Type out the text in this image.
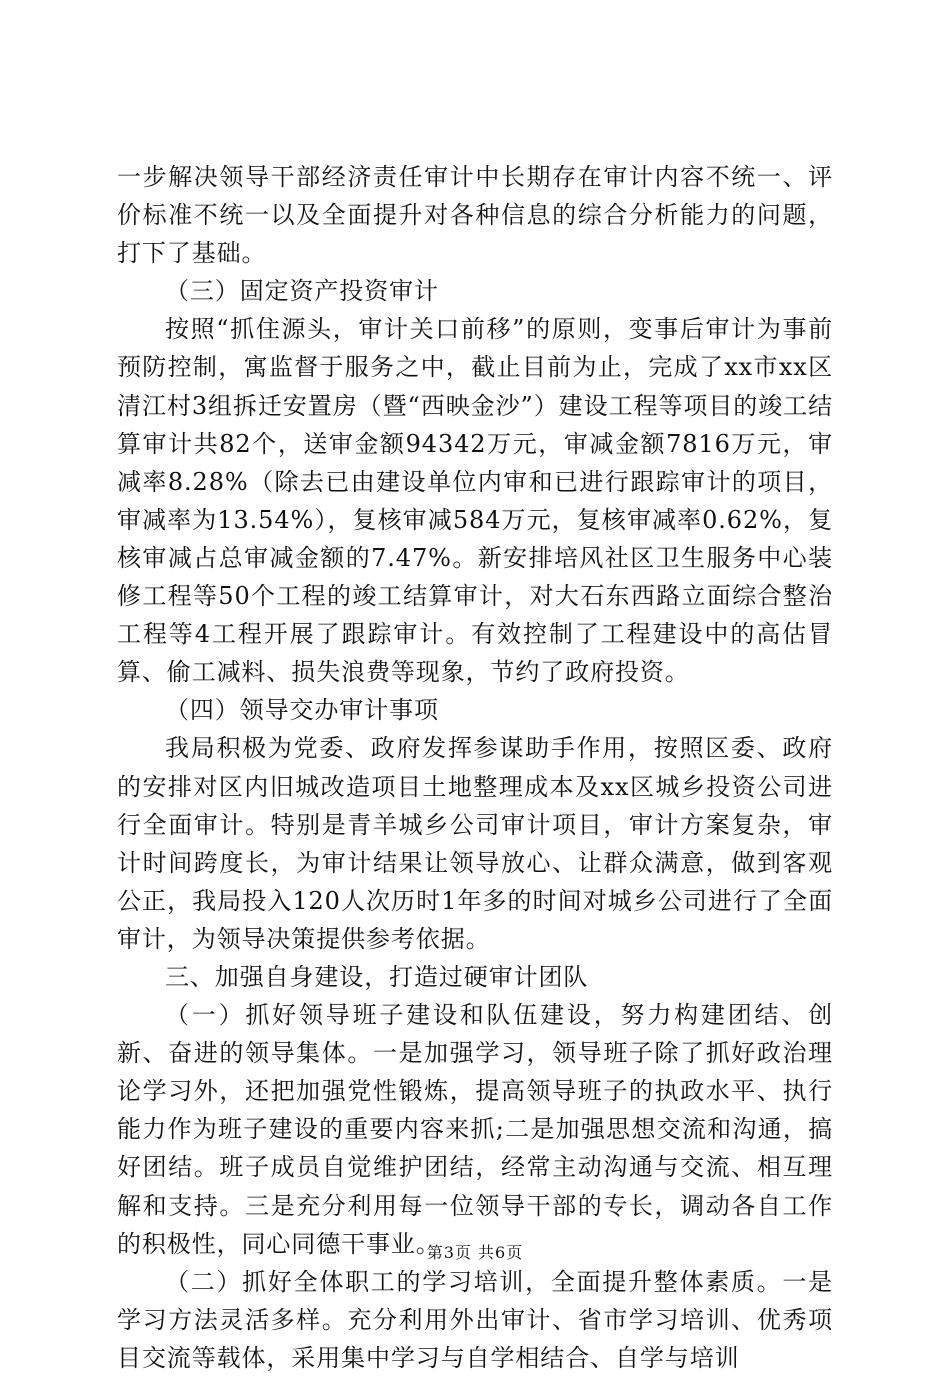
一步解决领导干部经济责任审计中长期存在审计内容不统一、评价标准不统一以及全面提升对各种信息的综合分析能力的问题，打下了基础。

（三）固定资产投资审计

按照“抓住源头，审计关口前移”的原则，变事后审计为事前预防控制，寓监督于服务之中，截止目前为止，完成了xx市xx区清江村3组拆迁安置房（暨“西映金沙”）建设工程等项目的竣工结算审计共82个，送审金额94342万元，审减金额7816万元，审减率8.28%（除去已由建设单位内审和已进行跟踪审计的项目，审减率为13.54%），复核审减584万元，复核审减率0.62%，复核审减占总审减金额的7.47%。新安排培风社区卫生服务中心装修工程等50个工程的竣工结算审计，对大石东西路立面综合整治工程等4工程开展了跟踪审计。有效控制了工程建设中的高估冒算、偷工减料、损失浪费等现象，节约了政府投资。

（四）领导交办审计事项

我局积极为党委、政府发挥参谋助手作用，按照区委、政府的安排对区内旧城改造项目土地整理成本及xx区城乡投资公司进行全面审计。特别是青羊城乡公司审计项目，审计方案复杂，审计时间跨度长，为审计结果让领导放心、让群众满意，做到客观公正，我局投入120人次历时1年多的时间对城乡公司进行了全面审计，为领导决策提供参考依据。

三、加强自身建设，打造过硬审计团队

（一）抓好领导班子建设和队伍建设，努力构建团结、创新、奋进的领导集体。一是加强学习，领导班子除了抓好政治理论学习外，还把加强党性锻炼，提高领导班子的执政水平、执行能力作为班子建设的重要内容来抓;二是加强思想交流和沟通，搞好团结。班子成员自觉维护团结，经常主动沟通与交流、相互理解和支持。三是充分利用每一位领导干部的专长，调动各自工作的积极性，同心同德干事业。

（二）抓好全体职工的学习培训，全面提升整体素质。一是学习方法灵活多样。充分利用外出审计、省市学习培训、优秀项目交流等载体，采用集中学习与自学相结合、自学与培训

第3页 共6页
